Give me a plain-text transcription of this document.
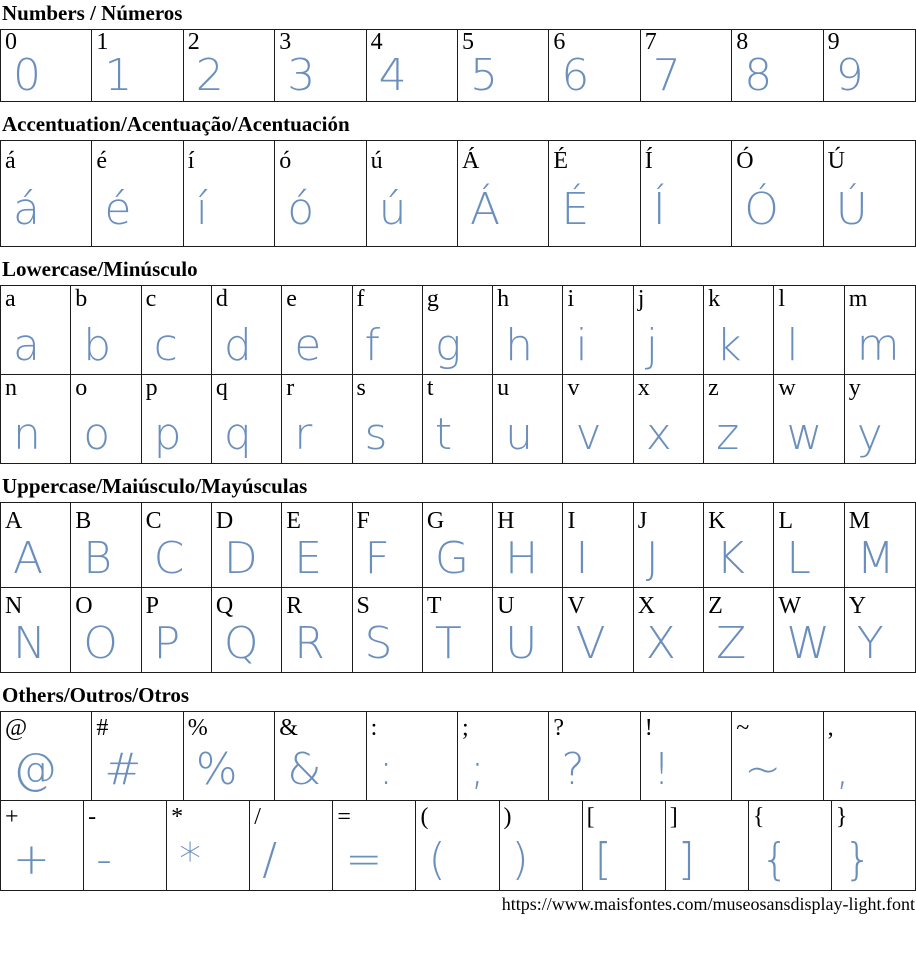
Numbers / Números
0
0
1
1
2
2
3
3
4
4
5
5
6
6
7
7
8
8
9
9
Accentuation/Acentuação/Acentuación
á
á
é
é
í
í
ó
ó
ú
ú
Á
Á
É
É
Í
Í
Ó
Ó
Ú
Ú
Lowercase/Minúsculo
a
a
b
b
c
c
d
d
e
e
f
f
g
g
h
h
i
i
j
j
k
k
l
l
m
m
n
n
o
o
p
p
q
q
r
r
s
s
t
t
u
u
v
v
x
x
z
z
w
w
y
y
Uppercase/Maiúsculo/Mayúsculas
A
A
B
B
C
C
D
D
E
E
F
F
G
G
H
H
I
I
J
J
K
K
L
L
M
M
N
N
O
O
P
P
Q
Q
R
R
S
S
T
T
U
U
V
V
X
X
Z
Z
W
W
Y
Y
Others/Outros/Otros
@
@
#
#
%
%
&
&
:
:
;
;
?
?
!
!
~
~
,
,
+
+
-
-
*
*
/
/
=
=
(
(
)
)
[
[
]
]
{
{
}
}
https://www.maisfontes.com/museosansdisplay-light.font
